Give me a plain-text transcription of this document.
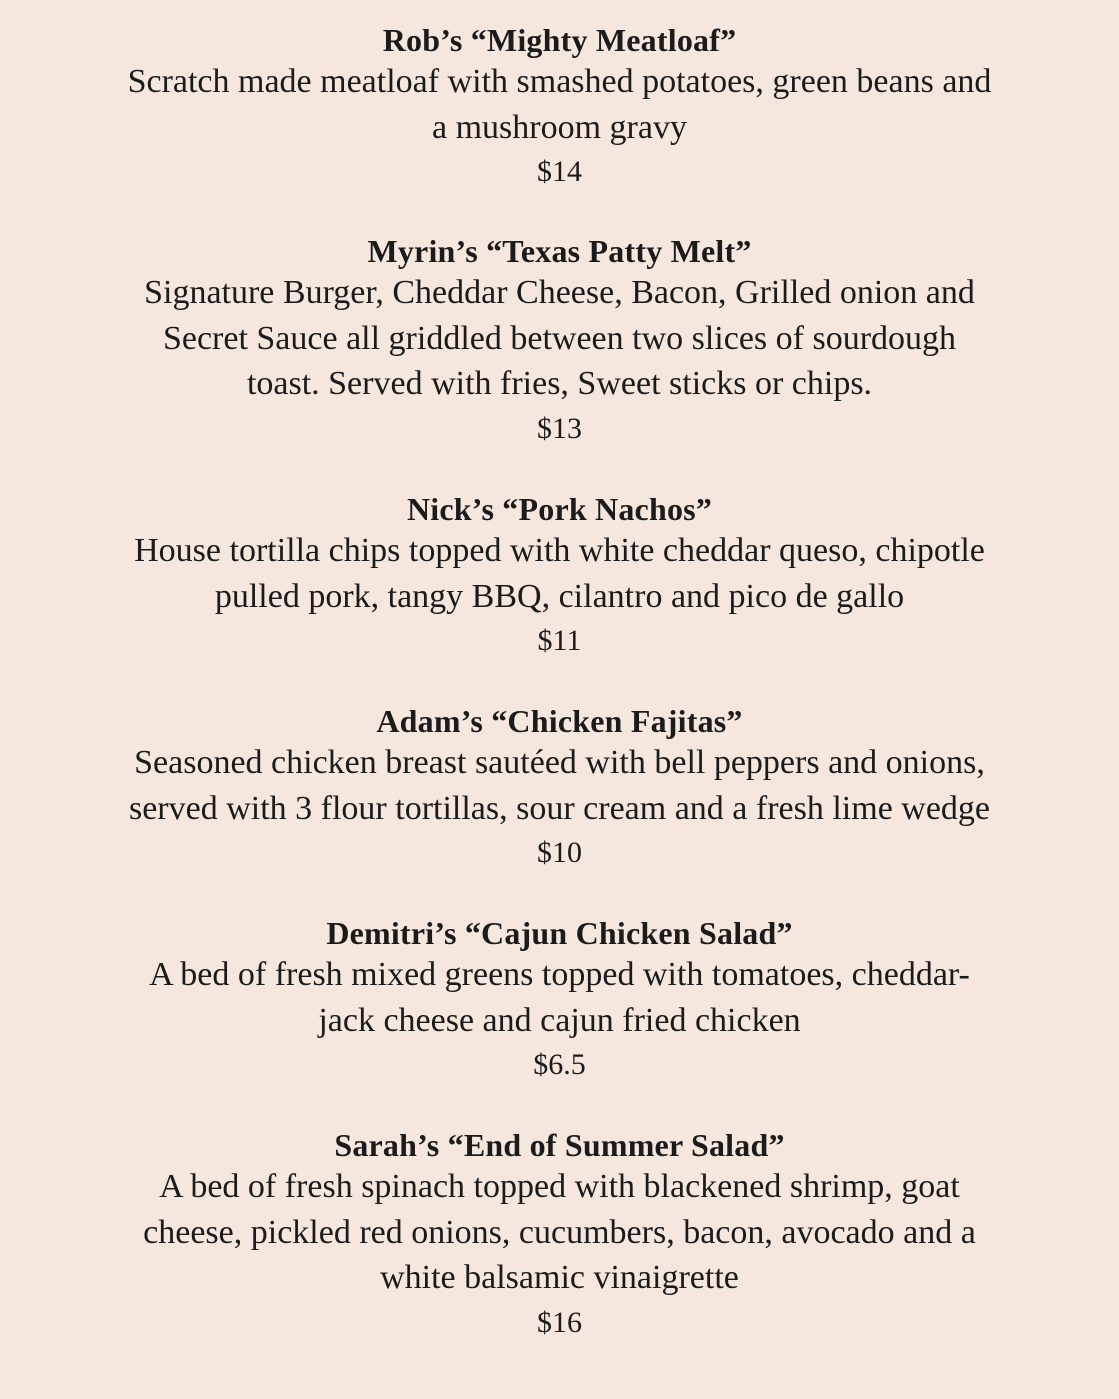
Rob’s “Mighty Meatloaf”

Scratch made meatloaf with smashed potatoes, green beans and
a mushroom gravy

$14

Myrin’s “Texas Patty Melt”

Signature Burger, Cheddar Cheese, Bacon, Grilled onion and
Secret Sauce all griddled between two slices of sourdough
toast. Served with fries, Sweet sticks or chips.

$13

Nick’s “Pork Nachos”

House tortilla chips topped with white cheddar queso, chipotle
pulled pork, tangy BBQ, cilantro and pico de gallo

$11

Adam’s “Chicken Fajitas”

Seasoned chicken breast sautéed with bell peppers and onions,
served with 3 flour tortillas, sour cream and a fresh lime wedge

$10

Demitri’s “Cajun Chicken Salad”

A bed of fresh mixed greens topped with tomatoes, cheddar-
jack cheese and cajun fried chicken

$6.5

Sarah’s “End of Summer Salad”

A bed of fresh spinach topped with blackened shrimp, goat
cheese, pickled red onions, cucumbers, bacon, avocado and a
white balsamic vinaigrette

$16
